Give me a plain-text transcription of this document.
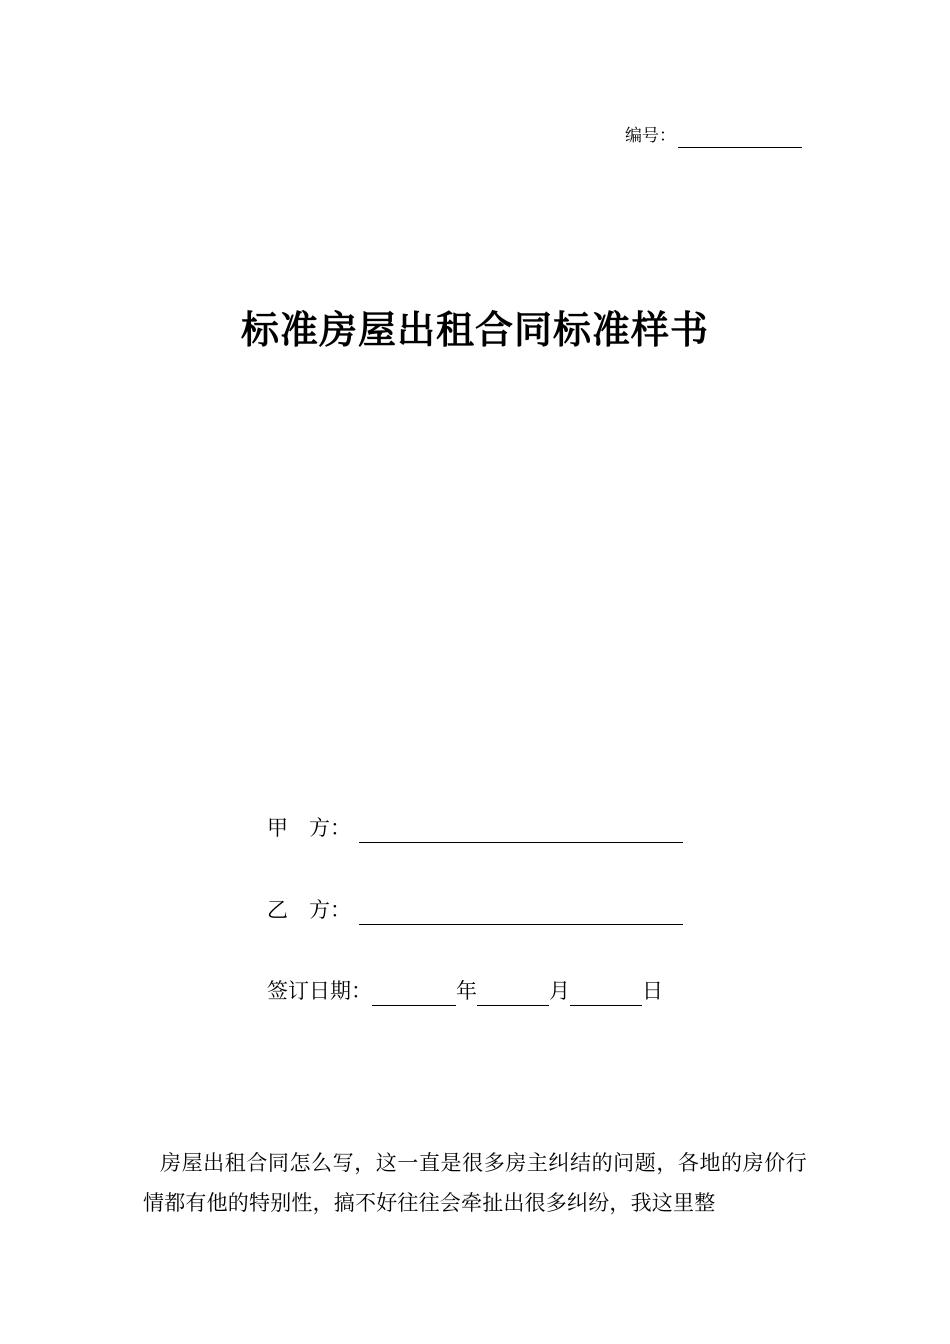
编号：
标准房屋出租合同标准样书
甲　方：
乙　方：
签订日期：	年	月	日

房屋出租合同怎么写，这一直是很多房主纠结的问题，各地的房价行情都有他的特别性，搞不好往往会牵扯出很多纠纷，我这里整
